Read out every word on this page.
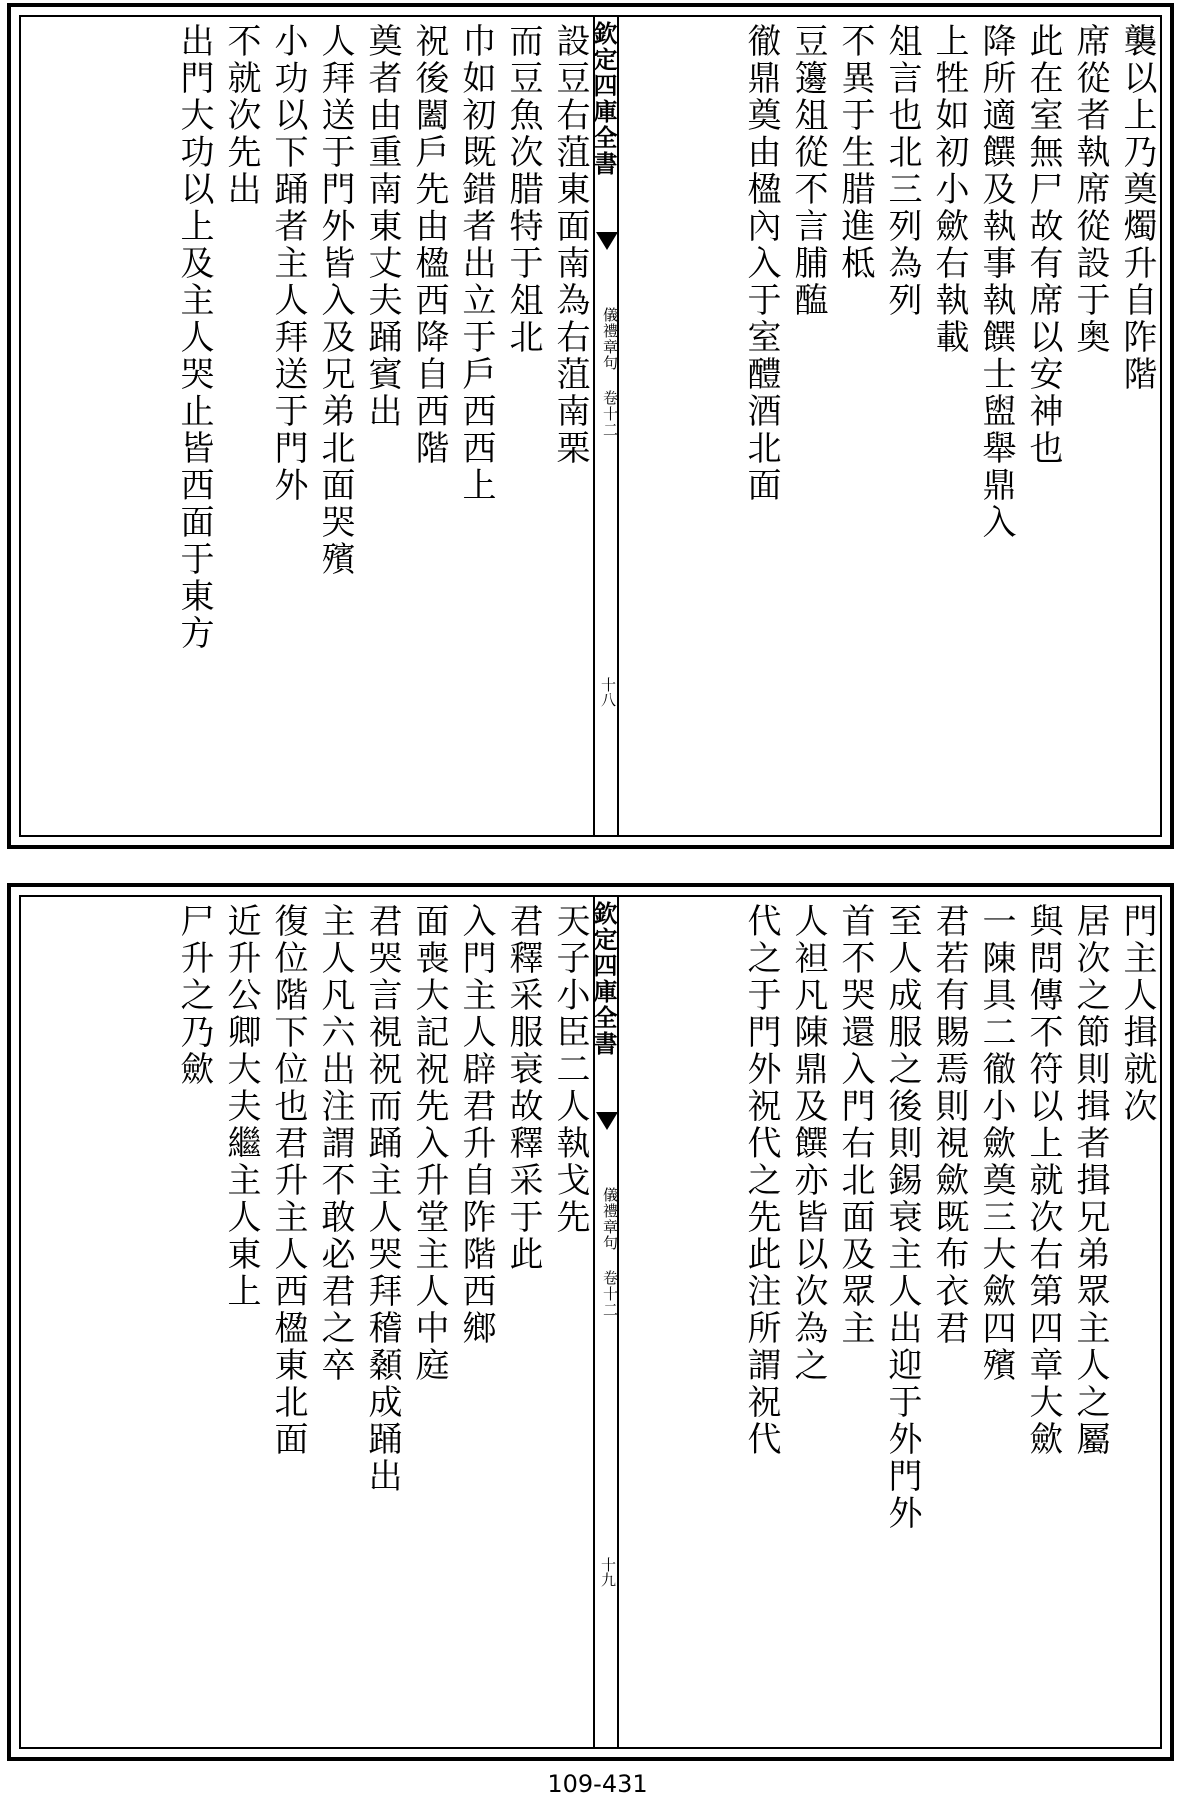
襲以上乃奠燭升自阼階
席從者執席從設于奥
此在室無尸故有席以安神也
降所適饌及執事執饌士盥舉鼎入
上牲如初小歛右執載
俎言也北三列為列
不異于生腊進柢
豆籩俎從不言脯醢
徹鼎奠由楹內入于室醴酒北面
欽定四庫全書
儀禮章句 卷十二
十八
設豆右菹東面南為右菹南栗
而豆魚次腊特于俎北
巾如初既錯者出立于戶西西上
祝後闔戶先由楹西降自西階
奠者由重南東丈夫踊賓出
人拜送于門外皆入及兄弟北面哭殯
小功以下踊者主人拜送于門外
不就次先出
出門大功以上及主人哭止皆西面于東方
門主人揖就次
居次之節則揖者揖兄弟眾主人之屬
與問傳不符以上就次右第四章大歛
一陳具二徹小歛奠三大歛四殯
君若有賜焉則視歛既布衣君
至人成服之後則錫衰主人出迎于外門外
首不哭還入門右北面及眾主
人袒凡陳鼎及饌亦皆以次為之
代之于門外祝代之先此注所謂祝代
欽定四庫全書
儀禮章句 卷十二
十九
天子小臣二人執戈先
君釋采服衰故釋采于此
入門主人辟君升自阼階西鄉
面喪大記祝先入升堂主人中庭
君哭言視祝而踊主人哭拜稽顙成踊出
主人凡六出注謂不敢必君之卒
復位階下位也君升主人西楹東北面
近升公卿大夫繼主人東上
尸升之乃歛
109-431
